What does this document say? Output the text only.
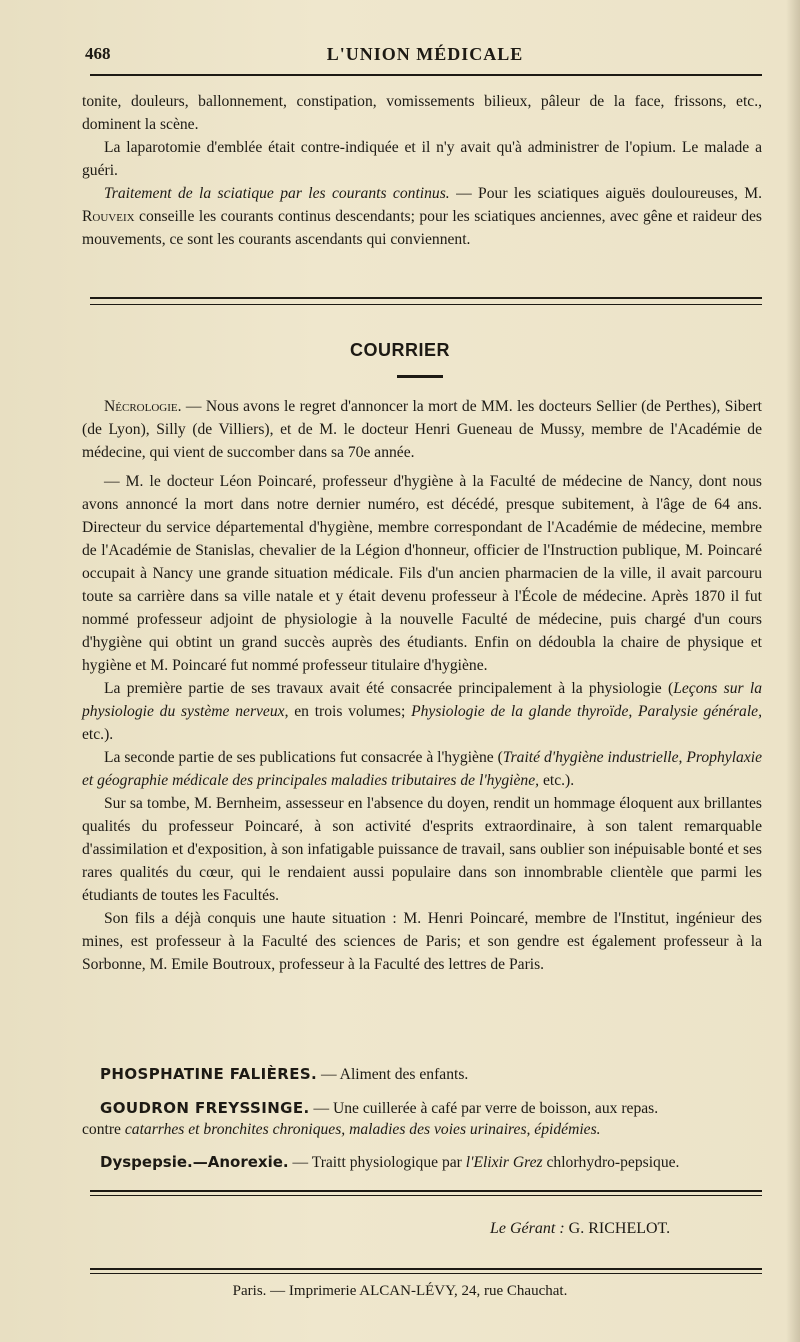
468	L'UNION MÉDICALE

tonite, douleurs, ballonnement, constipation, vomissements bilieux, pâleur de la face, frissons, etc., dominent la scène.

La laparotomie d'emblée était contre-indiquée et il n'y avait qu'à administrer de l'opium. Le malade a guéri.

Traitement de la sciatique par les courants continus. — Pour les sciatiques aiguës douloureuses, M. Rouveix conseille les courants continus descendants; pour les sciatiques anciennes, avec gêne et raideur des mouvements, ce sont les courants ascendants qui conviennent.

COURRIER

Nécrologie. — Nous avons le regret d'annoncer la mort de MM. les docteurs Sellier (de Perthes), Sibert (de Lyon), Silly (de Villiers), et de M. le docteur Henri Gueneau de Mussy, membre de l'Académie de médecine, qui vient de succomber dans sa 70e année.

— M. le docteur Léon Poincaré, professeur d'hygiène à la Faculté de médecine de Nancy, dont nous avons annoncé la mort dans notre dernier numéro, est décédé, presque subitement, à l'âge de 64 ans. Directeur du service départemental d'hygiène, membre correspondant de l'Académie de médecine, membre de l'Académie de Stanislas, chevalier de la Légion d'honneur, officier de l'Instruction publique, M. Poincaré occupait à Nancy une grande situation médicale. Fils d'un ancien pharmacien de la ville, il avait parcouru toute sa carrière dans sa ville natale et y était devenu professeur à l'École de médecine. Après 1870 il fut nommé professeur adjoint de physiologie à la nouvelle Faculté de médecine, puis chargé d'un cours d'hygiène qui obtint un grand succès auprès des étudiants. Enfin on dédoubla la chaire de physique et hygiène et M. Poincaré fut nommé professeur titulaire d'hygiène.

La première partie de ses travaux avait été consacrée principalement à la physiologie (Leçons sur la physiologie du système nerveux, en trois volumes; Physiologie de la glande thyroïde, Paralysie générale, etc.).

La seconde partie de ses publications fut consacrée à l'hygiène (Traité d'hygiène industrielle, Prophylaxie et géographie médicale des principales maladies tributaires de l'hygiène, etc.).

Sur sa tombe, M. Bernheim, assesseur en l'absence du doyen, rendit un hommage éloquent aux brillantes qualités du professeur Poincaré, à son activité d'esprits extraordinaire, à son talent remarquable d'assimilation et d'exposition, à son infatigable puissance de travail, sans oublier son inépuisable bonté et ses rares qualités du cœur, qui le rendaient aussi populaire dans son innombrable clientèle que parmi les étudiants de toutes les Facultés.

Son fils a déjà conquis une haute situation : M. Henri Poincaré, membre de l'Institut, ingénieur des mines, est professeur à la Faculté des sciences de Paris; et son gendre est également professeur à la Sorbonne, M. Emile Boutroux, professeur à la Faculté des lettres de Paris.

PHOSPHATINE FALIÈRES. — Aliment des enfants.
GOUDRON FREYSSINGE. — Une cuillerée à café par verre de boisson, aux repas.
contre catarrhes et bronchites chroniques, maladies des voies urinaires, épidémies.
Dyspepsie.—Anorexie. — Traitt physiologique par l'Elixir Grez chlorhydro-pepsique.
Le Gérant : G. RICHELOT.
Paris. — Imprimerie ALCAN-LÉVY, 24, rue Chauchat.
